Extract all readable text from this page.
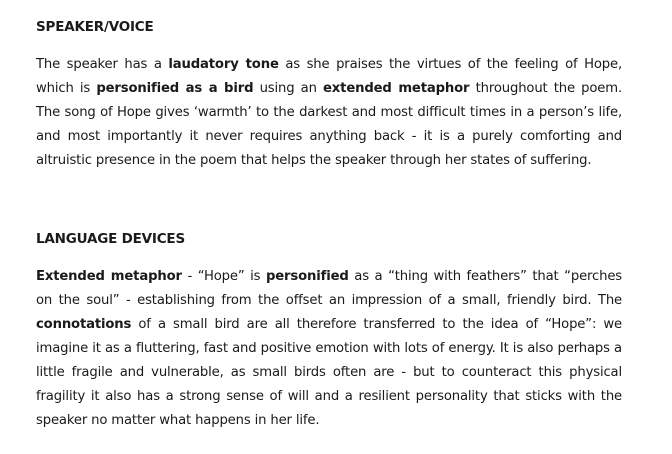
SPEAKER/VOICE

The speaker has a laudatory tone as she praises the virtues of the feeling of Hope, which is personified as a bird using an extended metaphor throughout the poem. The song of Hope gives ‘warmth’ to the darkest and most difficult times in a person’s life, and most importantly it never requires anything back - it is a purely comforting and altruistic presence in the poem that helps the speaker through her states of suffering.

LANGUAGE DEVICES

Extended metaphor - “Hope” is personified as a “thing with feathers” that “perches on the soul” - establishing from the offset an impression of a small, friendly bird. The connotations of a small bird are all therefore transferred to the idea of “Hope”: we imagine it as a fluttering, fast and positive emotion with lots of energy. It is also perhaps a little fragile and vulnerable, as small birds often are - but to counteract this physical fragility it also has a strong sense of will and a resilient personality that sticks with the speaker no matter what happens in her life.
